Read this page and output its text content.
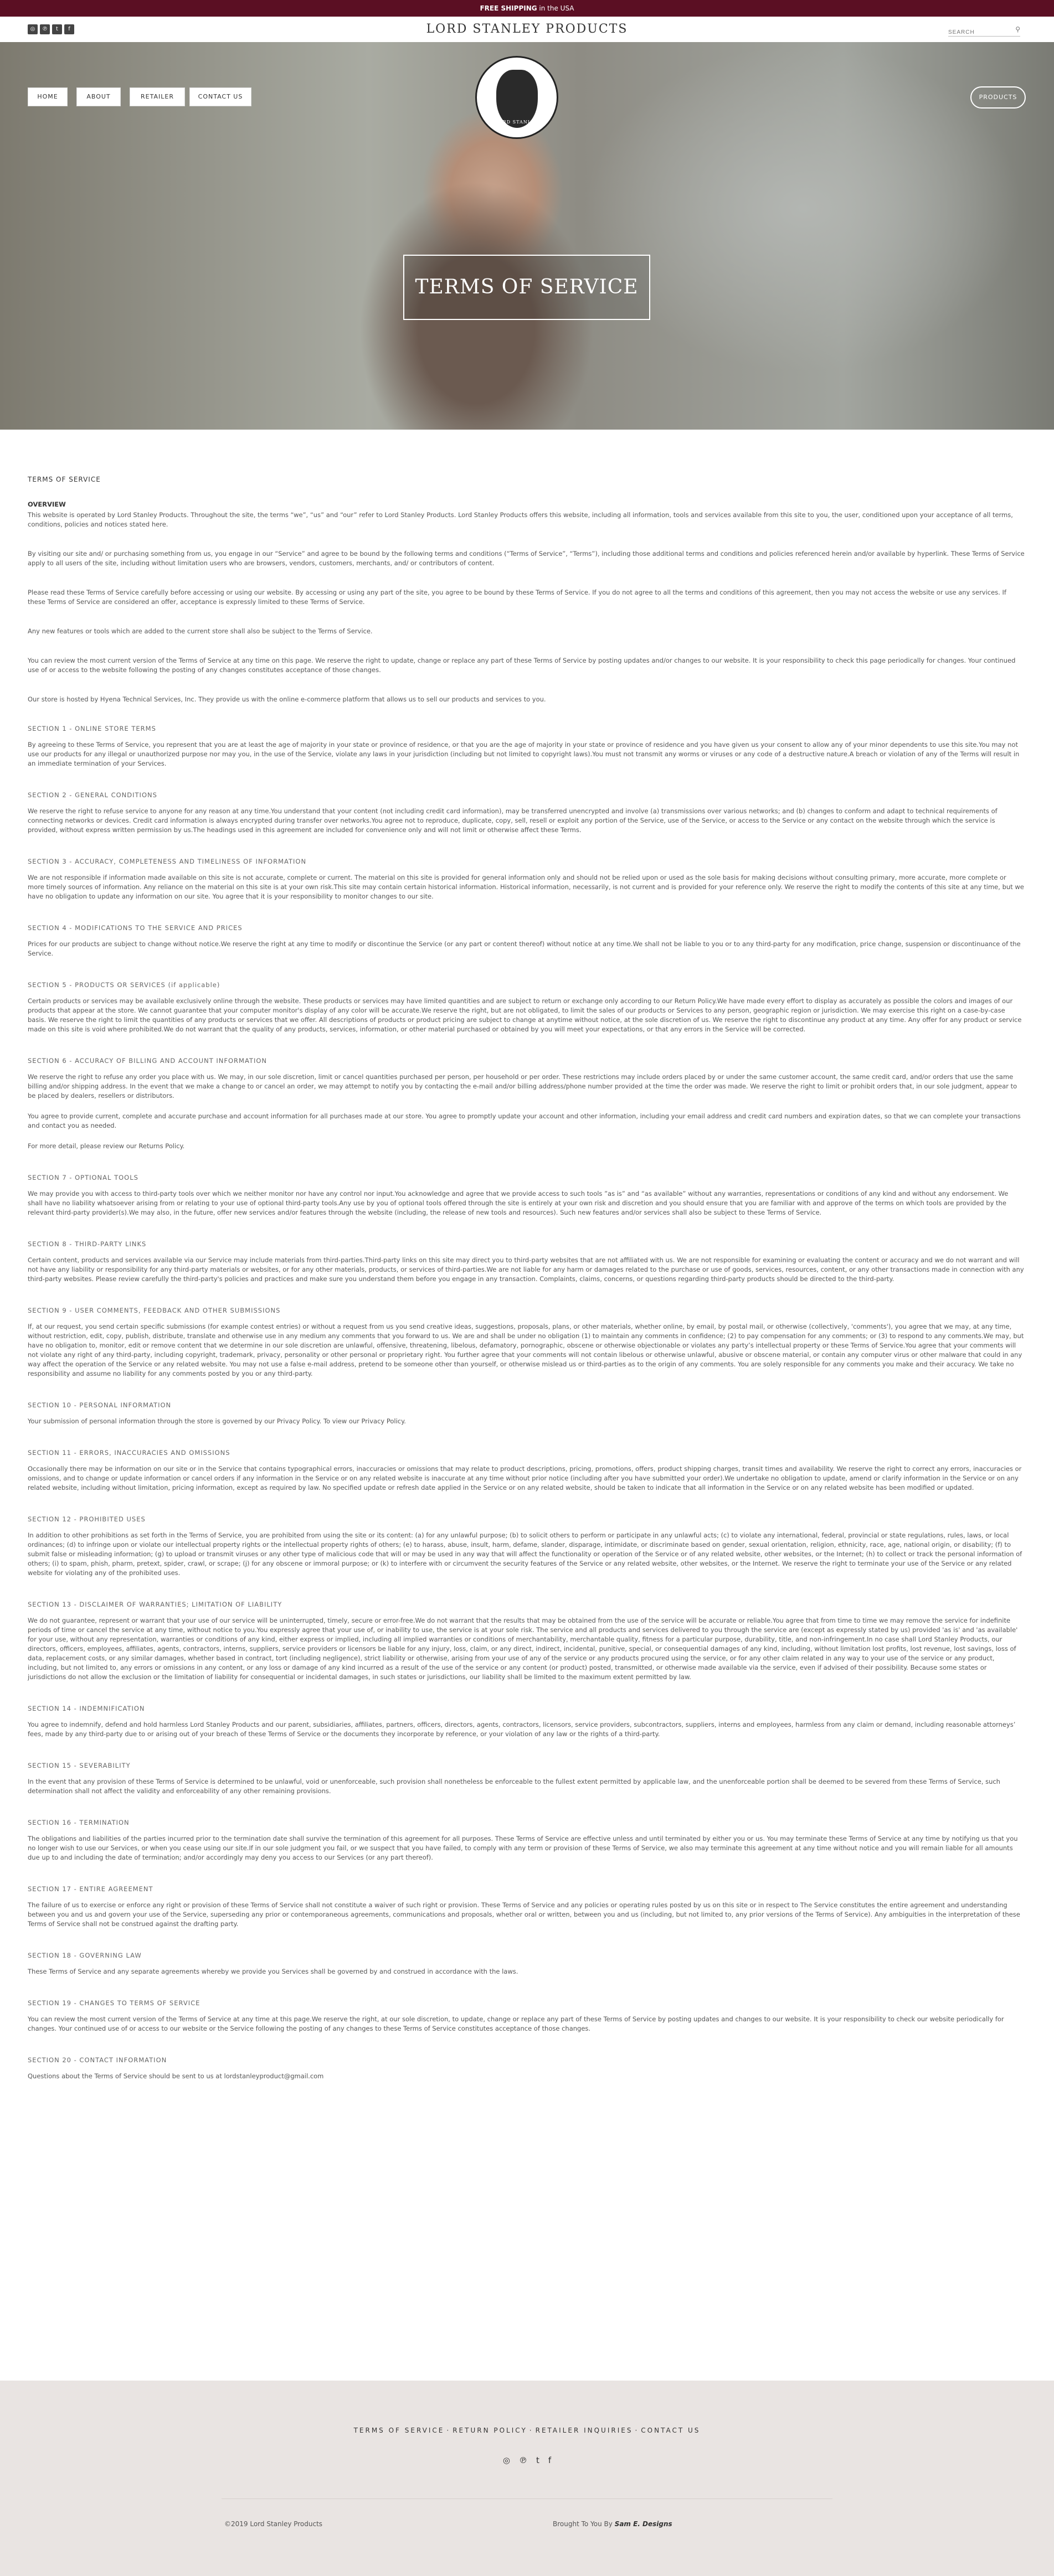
FREE SHIPPING in the USA
◎	℗	t	f	LORD STANLEY PRODUCTS
SEARCH	⚲
HOME	ABOUT	RETAILER	CONTACT US
LORD STANLEY
PRODUCTS
TERMS OF SERVICE
TERMS OF SERVICE
OVERVIEW

This website is operated by Lord Stanley Products. Throughout the site, the terms “we”, “us” and “our” refer to Lord Stanley Products. Lord Stanley Products offers this website, including all information, tools and services available from this site to you, the user, conditioned upon your acceptance of all terms, conditions, policies and notices stated here.

By visiting our site and/ or purchasing something from us, you engage in our “Service” and agree to be bound by the following terms and conditions (“Terms of Service”, “Terms”), including those additional terms and conditions and policies referenced herein and/or available by hyperlink. These Terms of Service apply to all users of the site, including without limitation users who are browsers, vendors, customers, merchants, and/ or contributors of content.

Please read these Terms of Service carefully before accessing or using our website. By accessing or using any part of the site, you agree to be bound by these Terms of Service. If you do not agree to all the terms and conditions of this agreement, then you may not access the website or use any services. If these Terms of Service are considered an offer, acceptance is expressly limited to these Terms of Service.

Any new features or tools which are added to the current store shall also be subject to the Terms of Service.

You can review the most current version of the Terms of Service at any time on this page. We reserve the right to update, change or replace any part of these Terms of Service by posting updates and/or changes to our website. It is your responsibility to check this page periodically for changes. Your continued use of or access to the website following the posting of any changes constitutes acceptance of those changes.

Our store is hosted by Hyena Technical Services, Inc. They provide us with the online e-commerce platform that allows us to sell our products and services to you.

SECTION 1 - ONLINE STORE TERMS

By agreeing to these Terms of Service, you represent that you are at least the age of majority in your state or province of residence, or that you are the age of majority in your state or province of residence and you have given us your consent to allow any of your minor dependents to use this site.You may not use our products for any illegal or unauthorized purpose nor may you, in the use of the Service, violate any laws in your jurisdiction (including but not limited to copyright laws).You must not transmit any worms or viruses or any code of a destructive nature.A breach or violation of any of the Terms will result in an immediate termination of your Services.

SECTION 2 - GENERAL CONDITIONS

We reserve the right to refuse service to anyone for any reason at any time.You understand that your content (not including credit card information), may be transferred unencrypted and involve (a) transmissions over various networks; and (b) changes to conform and adapt to technical requirements of connecting networks or devices. Credit card information is always encrypted during transfer over networks.You agree not to reproduce, duplicate, copy, sell, resell or exploit any portion of the Service, use of the Service, or access to the Service or any contact on the website through which the service is provided, without express written permission by us.The headings used in this agreement are included for convenience only and will not limit or otherwise affect these Terms.

SECTION 3 - ACCURACY, COMPLETENESS AND TIMELINESS OF INFORMATION

We are not responsible if information made available on this site is not accurate, complete or current. The material on this site is provided for general information only and should not be relied upon or used as the sole basis for making decisions without consulting primary, more accurate, more complete or more timely sources of information. Any reliance on the material on this site is at your own risk.This site may contain certain historical information. Historical information, necessarily, is not current and is provided for your reference only. We reserve the right to modify the contents of this site at any time, but we have no obligation to update any information on our site. You agree that it is your responsibility to monitor changes to our site.

SECTION 4 - MODIFICATIONS TO THE SERVICE AND PRICES

Prices for our products are subject to change without notice.We reserve the right at any time to modify or discontinue the Service (or any part or content thereof) without notice at any time.We shall not be liable to you or to any third-party for any modification, price change, suspension or discontinuance of the Service.

SECTION 5 - PRODUCTS OR SERVICES (if applicable)

Certain products or services may be available exclusively online through the website. These products or services may have limited quantities and are subject to return or exchange only according to our Return Policy.We have made every effort to display as accurately as possible the colors and images of our products that appear at the store. We cannot guarantee that your computer monitor's display of any color will be accurate.We reserve the right, but are not obligated, to limit the sales of our products or Services to any person, geographic region or jurisdiction. We may exercise this right on a case-by-case basis. We reserve the right to limit the quantities of any products or services that we offer. All descriptions of products or product pricing are subject to change at anytime without notice, at the sole discretion of us. We reserve the right to discontinue any product at any time. Any offer for any product or service made on this site is void where prohibited.We do not warrant that the quality of any products, services, information, or other material purchased or obtained by you will meet your expectations, or that any errors in the Service will be corrected.

SECTION 6 - ACCURACY OF BILLING AND ACCOUNT INFORMATION

We reserve the right to refuse any order you place with us. We may, in our sole discretion, limit or cancel quantities purchased per person, per household or per order. These restrictions may include orders placed by or under the same customer account, the same credit card, and/or orders that use the same billing and/or shipping address. In the event that we make a change to or cancel an order, we may attempt to notify you by contacting the e-mail and/or billing address/phone number provided at the time the order was made. We reserve the right to limit or prohibit orders that, in our sole judgment, appear to be placed by dealers, resellers or distributors.

You agree to provide current, complete and accurate purchase and account information for all purchases made at our store. You agree to promptly update your account and other information, including your email address and credit card numbers and expiration dates, so that we can complete your transactions and contact you as needed.

For more detail, please review our Returns Policy.

SECTION 7 - OPTIONAL TOOLS

We may provide you with access to third-party tools over which we neither monitor nor have any control nor input.You acknowledge and agree that we provide access to such tools ”as is” and “as available” without any warranties, representations or conditions of any kind and without any endorsement. We shall have no liability whatsoever arising from or relating to your use of optional third-party tools.Any use by you of optional tools offered through the site is entirely at your own risk and discretion and you should ensure that you are familiar with and approve of the terms on which tools are provided by the relevant third-party provider(s).We may also, in the future, offer new services and/or features through the website (including, the release of new tools and resources). Such new features and/or services shall also be subject to these Terms of Service.

SECTION 8 - THIRD-PARTY LINKS

Certain content, products and services available via our Service may include materials from third-parties.Third-party links on this site may direct you to third-party websites that are not affiliated with us. We are not responsible for examining or evaluating the content or accuracy and we do not warrant and will not have any liability or responsibility for any third-party materials or websites, or for any other materials, products, or services of third-parties.We are not liable for any harm or damages related to the purchase or use of goods, services, resources, content, or any other transactions made in connection with any third-party websites. Please review carefully the third-party's policies and practices and make sure you understand them before you engage in any transaction. Complaints, claims, concerns, or questions regarding third-party products should be directed to the third-party.

SECTION 9 - USER COMMENTS, FEEDBACK AND OTHER SUBMISSIONS

If, at our request, you send certain specific submissions (for example contest entries) or without a request from us you send creative ideas, suggestions, proposals, plans, or other materials, whether online, by email, by postal mail, or otherwise (collectively, 'comments'), you agree that we may, at any time, without restriction, edit, copy, publish, distribute, translate and otherwise use in any medium any comments that you forward to us. We are and shall be under no obligation (1) to maintain any comments in confidence; (2) to pay compensation for any comments; or (3) to respond to any comments.We may, but have no obligation to, monitor, edit or remove content that we determine in our sole discretion are unlawful, offensive, threatening, libelous, defamatory, pornographic, obscene or otherwise objectionable or violates any party’s intellectual property or these Terms of Service.You agree that your comments will not violate any right of any third-party, including copyright, trademark, privacy, personality or other personal or proprietary right. You further agree that your comments will not contain libelous or otherwise unlawful, abusive or obscene material, or contain any computer virus or other malware that could in any way affect the operation of the Service or any related website. You may not use a false e-mail address, pretend to be someone other than yourself, or otherwise mislead us or third-parties as to the origin of any comments. You are solely responsible for any comments you make and their accuracy. We take no responsibility and assume no liability for any comments posted by you or any third-party.

SECTION 10 - PERSONAL INFORMATION

Your submission of personal information through the store is governed by our Privacy Policy. To view our Privacy Policy.

SECTION 11 - ERRORS, INACCURACIES AND OMISSIONS

Occasionally there may be information on our site or in the Service that contains typographical errors, inaccuracies or omissions that may relate to product descriptions, pricing, promotions, offers, product shipping charges, transit times and availability. We reserve the right to correct any errors, inaccuracies or omissions, and to change or update information or cancel orders if any information in the Service or on any related website is inaccurate at any time without prior notice (including after you have submitted your order).We undertake no obligation to update, amend or clarify information in the Service or on any related website, including without limitation, pricing information, except as required by law. No specified update or refresh date applied in the Service or on any related website, should be taken to indicate that all information in the Service or on any related website has been modified or updated.

SECTION 12 - PROHIBITED USES

In addition to other prohibitions as set forth in the Terms of Service, you are prohibited from using the site or its content: (a) for any unlawful purpose; (b) to solicit others to perform or participate in any unlawful acts; (c) to violate any international, federal, provincial or state regulations, rules, laws, or local ordinances; (d) to infringe upon or violate our intellectual property rights or the intellectual property rights of others; (e) to harass, abuse, insult, harm, defame, slander, disparage, intimidate, or discriminate based on gender, sexual orientation, religion, ethnicity, race, age, national origin, or disability; (f) to submit false or misleading information; (g) to upload or transmit viruses or any other type of malicious code that will or may be used in any way that will affect the functionality or operation of the Service or of any related website, other websites, or the Internet; (h) to collect or track the personal information of others; (i) to spam, phish, pharm, pretext, spider, crawl, or scrape; (j) for any obscene or immoral purpose; or (k) to interfere with or circumvent the security features of the Service or any related website, other websites, or the Internet. We reserve the right to terminate your use of the Service or any related website for violating any of the prohibited uses.

SECTION 13 - DISCLAIMER OF WARRANTIES; LIMITATION OF LIABILITY

We do not guarantee, represent or warrant that your use of our service will be uninterrupted, timely, secure or error-free.We do not warrant that the results that may be obtained from the use of the service will be accurate or reliable.You agree that from time to time we may remove the service for indefinite periods of time or cancel the service at any time, without notice to you.You expressly agree that your use of, or inability to use, the service is at your sole risk. The service and all products and services delivered to you through the service are (except as expressly stated by us) provided 'as is' and 'as available' for your use, without any representation, warranties or conditions of any kind, either express or implied, including all implied warranties or conditions of merchantability, merchantable quality, fitness for a particular purpose, durability, title, and non-infringement.In no case shall Lord Stanley Products, our directors, officers, employees, affiliates, agents, contractors, interns, suppliers, service providers or licensors be liable for any injury, loss, claim, or any direct, indirect, incidental, punitive, special, or consequential damages of any kind, including, without limitation lost profits, lost revenue, lost savings, loss of data, replacement costs, or any similar damages, whether based in contract, tort (including negligence), strict liability or otherwise, arising from your use of any of the service or any products procured using the service, or for any other claim related in any way to your use of the service or any product, including, but not limited to, any errors or omissions in any content, or any loss or damage of any kind incurred as a result of the use of the service or any content (or product) posted, transmitted, or otherwise made available via the service, even if advised of their possibility. Because some states or jurisdictions do not allow the exclusion or the limitation of liability for consequential or incidental damages, in such states or jurisdictions, our liability shall be limited to the maximum extent permitted by law.

SECTION 14 - INDEMNIFICATION

You agree to indemnify, defend and hold harmless Lord Stanley Products and our parent, subsidiaries, affiliates, partners, officers, directors, agents, contractors, licensors, service providers, subcontractors, suppliers, interns and employees, harmless from any claim or demand, including reasonable attorneys’ fees, made by any third-party due to or arising out of your breach of these Terms of Service or the documents they incorporate by reference, or your violation of any law or the rights of a third-party.

SECTION 15 - SEVERABILITY

In the event that any provision of these Terms of Service is determined to be unlawful, void or unenforceable, such provision shall nonetheless be enforceable to the fullest extent permitted by applicable law, and the unenforceable portion shall be deemed to be severed from these Terms of Service, such determination shall not affect the validity and enforceability of any other remaining provisions.

SECTION 16 - TERMINATION

The obligations and liabilities of the parties incurred prior to the termination date shall survive the termination of this agreement for all purposes. These Terms of Service are effective unless and until terminated by either you or us. You may terminate these Terms of Service at any time by notifying us that you no longer wish to use our Services, or when you cease using our site.If in our sole judgment you fail, or we suspect that you have failed, to comply with any term or provision of these Terms of Service, we also may terminate this agreement at any time without notice and you will remain liable for all amounts due up to and including the date of termination; and/or accordingly may deny you access to our Services (or any part thereof).

SECTION 17 - ENTIRE AGREEMENT

The failure of us to exercise or enforce any right or provision of these Terms of Service shall not constitute a waiver of such right or provision. These Terms of Service and any policies or operating rules posted by us on this site or in respect to The Service constitutes the entire agreement and understanding between you and us and govern your use of the Service, superseding any prior or contemporaneous agreements, communications and proposals, whether oral or written, between you and us (including, but not limited to, any prior versions of the Terms of Service). Any ambiguities in the interpretation of these Terms of Service shall not be construed against the drafting party.

SECTION 18 - GOVERNING LAW

These Terms of Service and any separate agreements whereby we provide you Services shall be governed by and construed in accordance with the laws.

SECTION 19 - CHANGES TO TERMS OF SERVICE

You can review the most current version of the Terms of Service at any time at this page.We reserve the right, at our sole discretion, to update, change or replace any part of these Terms of Service by posting updates and changes to our website. It is your responsibility to check our website periodically for changes. Your continued use of or access to our website or the Service following the posting of any changes to these Terms of Service constitutes acceptance of those changes.

SECTION 20 - CONTACT INFORMATION

Questions about the Terms of Service should be sent to us at lordstanleyproduct@gmail.com

TERMS OF SERVICE · RETURN POLICY · RETAILER INQUIRIES · CONTACT US
◎ ℗ t f
©2019 Lord Stanley Products	Brought To You By Sam E. Designs
